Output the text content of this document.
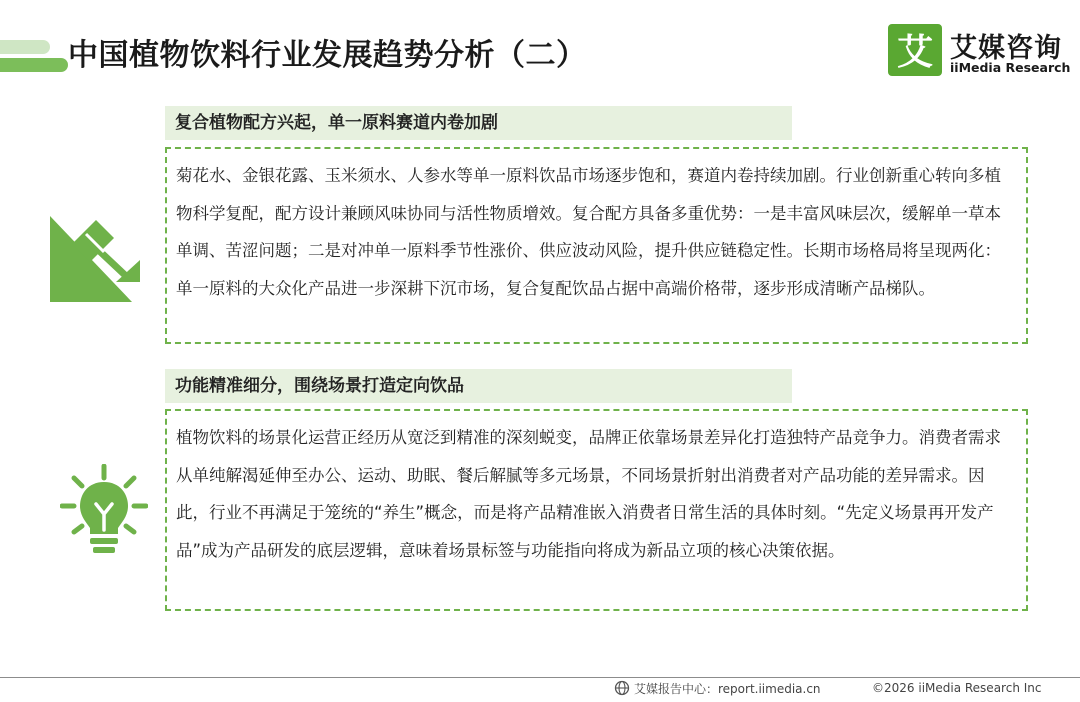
中国植物饮料行业发展趋势分析（二）	艾 艾媒咨询
iiMedia Research
复合植物配方兴起，单一原料赛道内卷加剧

菊花水、金银花露、玉米须水、人参水等单一原料饮品市场逐步饱和，赛道内卷持续加剧。行业创新重心转向多植物科学复配，配方设计兼顾风味协同与活性物质增效。复合配方具备多重优势：一是丰富风味层次，缓解单一草本单调、苦涩问题；二是对冲单一原料季节性涨价、供应波动风险，提升供应链稳定性。长期市场格局将呈现两化：单一原料的大众化产品进一步深耕下沉市场，复合复配饮品占据中高端价格带，逐步形成清晰产品梯队。

功能精准细分，围绕场景打造定向饮品

植物饮料的场景化运营正经历从宽泛到精准的深刻蜕变，品牌正依靠场景差异化打造独特产品竞争力。消费者需求从单纯解渴延伸至办公、运动、助眠、餐后解腻等多元场景，不同场景折射出消费者对产品功能的差异需求。因此，行业不再满足于笼统的“养生”概念，而是将产品精准嵌入消费者日常生活的具体时刻。“先定义场景再开发产品”成为产品研发的底层逻辑，意味着场景标签与功能指向将成为新品立项的核心决策依据。

艾媒报告中心：report.iimedia.cn	©2026 iiMedia Research Inc
